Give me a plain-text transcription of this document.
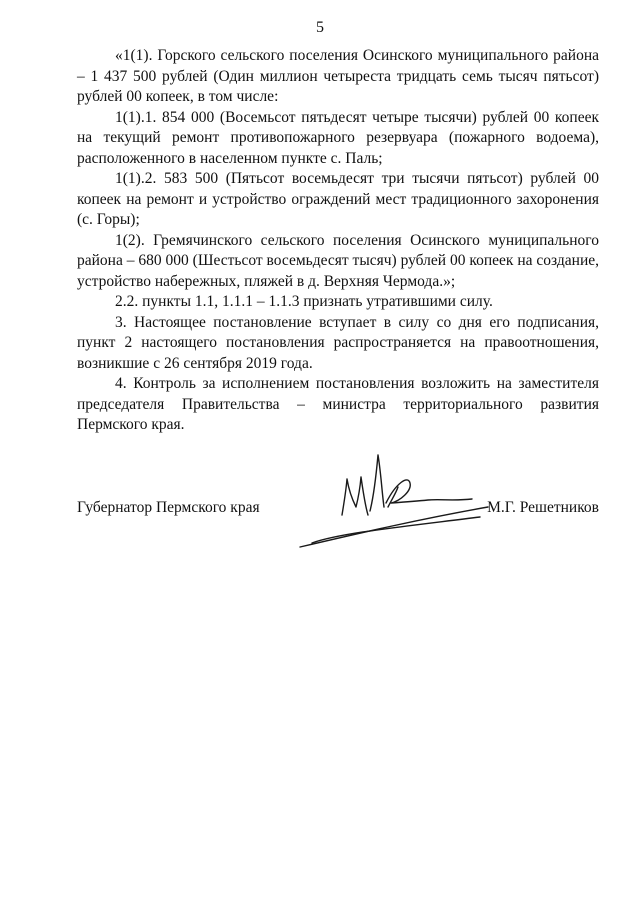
5

«1(1). Горского сельского поселения Осинского муниципального района – 1 437 500 рублей (Один миллион четыреста тридцать семь тысяч пятьсот) рублей 00 копеек, в том числе:

1(1).1. 854 000 (Восемьсот пятьдесят четыре тысячи) рублей 00 копеек на текущий ремонт противопожарного резервуара (пожарного водоема), расположенного в населенном пункте с. Паль;

1(1).2. 583 500 (Пятьсот восемьдесят три тысячи пятьсот) рублей 00 копеек на ремонт и устройство ограждений мест традиционного захоронения (с. Горы);

1(2). Гремячинского сельского поселения Осинского муниципального района – 680 000 (Шестьсот восемьдесят тысяч) рублей 00 копеек на создание, устройство набережных, пляжей в д. Верхняя Чермода.»;

2.2. пункты 1.1, 1.1.1 – 1.1.3 признать утратившими силу.

3. Настоящее постановление вступает в силу со дня его подписания, пункт 2 настоящего постановления распространяется на правоотношения, возникшие с 26 сентября 2019 года.

4. Контроль за исполнением постановления возложить на заместителя председателя Правительства – министра территориального развития Пермского края.

Губернатор Пермского края	М.Г. Решетников
